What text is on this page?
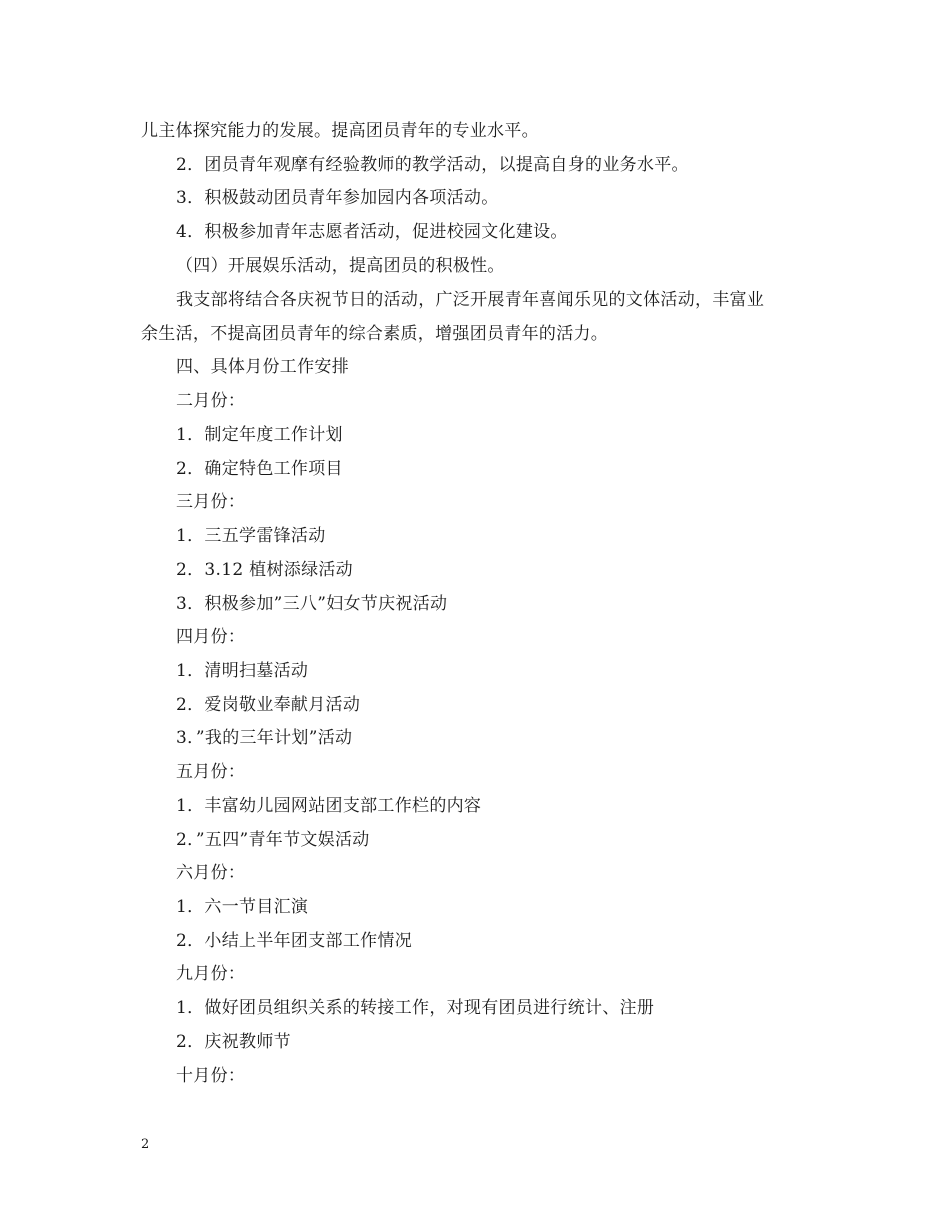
儿主体探究能力的发展。提高团员青年的专业水平。
2．团员青年观摩有经验教师的教学活动，以提高自身的业务水平。
3．积极鼓动团员青年参加园内各项活动。
4．积极参加青年志愿者活动，促进校园文化建设。
（四）开展娱乐活动，提高团员的积极性。
我支部将结合各庆祝节日的活动，广泛开展青年喜闻乐见的文体活动，丰富业
余生活，不提高团员青年的综合素质，增强团员青年的活力。
四、具体月份工作安排
二月份：
1．制定年度工作计划
2．确定特色工作项目
三月份：
1．三五学雷锋活动
2．3.12 植树添绿活动
3．积极参加”三八”妇女节庆祝活动
四月份：
1．清明扫墓活动
2．爱岗敬业奉献月活动
3．”我的三年计划”活动
五月份：
1．丰富幼儿园网站团支部工作栏的内容
2．”五四”青年节文娱活动
六月份：
1．六一节目汇演
2．小结上半年团支部工作情况
九月份：
1．做好团员组织关系的转接工作，对现有团员进行统计、注册
2．庆祝教师节
十月份：
2
